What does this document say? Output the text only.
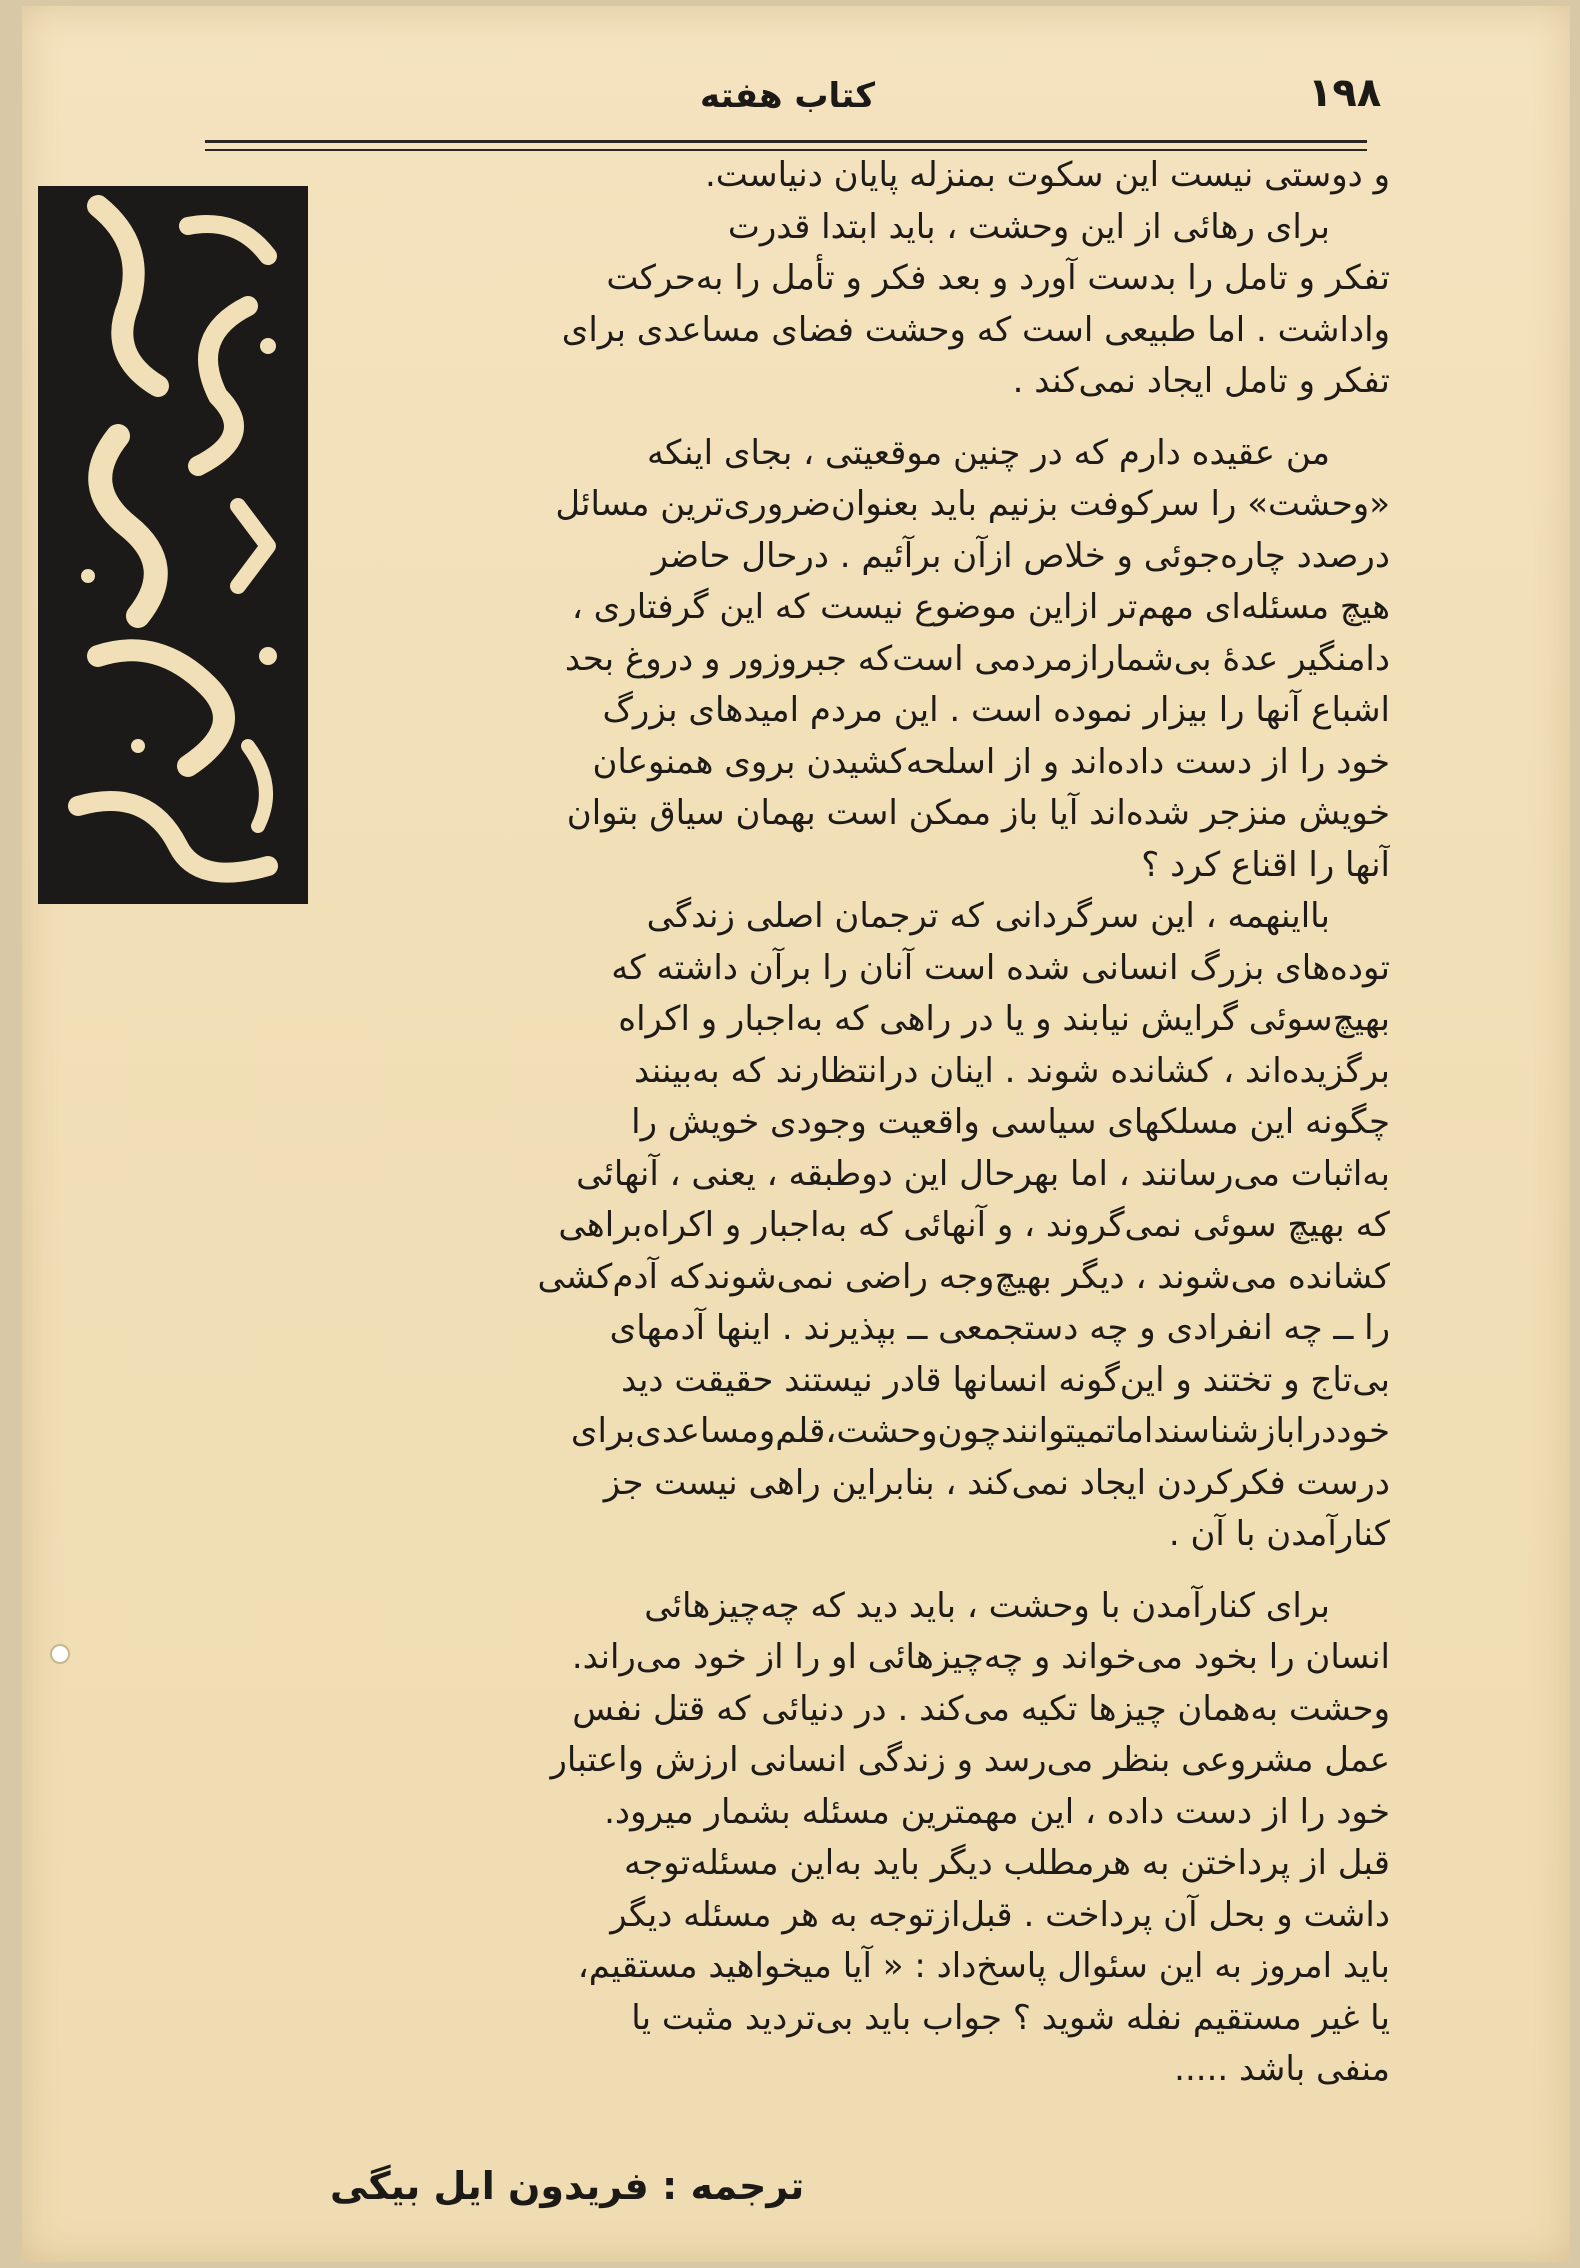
۱۹۸
کتاب هفته
و دوستی نیست این سکوت بمنزله پایان دنیاست.
برای رهائی از این وحشت ، باید ابتدا قدرت
تفکر و تامل را بدست آورد و بعد فکر و تأمل را به‌حرکت
واداشت . اما طبیعی است که وحشت فضای مساعدی برای
تفکر و تامل ایجاد نمی‌کند .
من عقیده دارم که در چنین موقعیتی ، بجای اینکه
«وحشت» را سرکوفت بزنیم باید بعنوان‌ضروری‌ترین مسائل
درصدد چاره‌جوئی و خلاص ازآن برآئیم . درحال حاضر
هیچ مسئله‌ای مهم‌تر ازاین موضوع نیست که این گرفتاری ،
دامنگیر عدهٔ بی‌شمارازمردمی است‌که جبروزور و دروغ بحد
اشباع آنها را بیزار نموده است . این مردم امیدهای بزرگ
خود را از دست داده‌اند و از اسلحه‌کشیدن بروی همنوعان
خویش منزجر شده‌اند آیا باز ممکن است بهمان سیاق بتوان
آنها را اقناع کرد ؟
بااینهمه ، این سرگردانی که ترجمان اصلی زندگی
توده‌های بزرگ انسانی شده است آنان را برآن داشته که
بهیچ‌سوئی گرایش نیابند و یا در راهی که به‌اجبار و اکراه
برگزیده‌اند ، کشانده شوند . اینان درانتظارند که به‌بینند
چگونه این مسلکهای سیاسی واقعیت وجودی خویش را
به‌اثبات می‌رسانند ، اما بهرحال این دوطبقه ، یعنی ، آنهائی
که بهیچ سوئی نمی‌گروند ، و آنهائی که به‌اجبار و اکراه‌براهی
کشانده می‌شوند ، دیگر بهیچ‌وجه راضی نمی‌شوندکه آدم‌کشی
را ــ چه انفرادی و چه دستجمعی ــ بپذیرند . اینها آدمهای
بی‌تاج و تختند و این‌گونه انسانها قادر نیستند حقیقت دید
خوددرابازشناسنداماتمیتوانندچون‌وحشت،قلم‌ومساعدی‌برای
درست فکرکردن ایجاد نمی‌کند ، بنابراین راهی نیست جز
کنارآمدن با آن .
برای کنارآمدن با وحشت ، باید دید که چه‌چیزهائی
انسان را بخود می‌خواند و چه‌چیزهائی او را از خود می‌راند.
وحشت به‌همان چیزها تکیه می‌کند . در دنیائی که قتل نفس
عمل مشروعی بنظر می‌رسد و زندگی انسانی ارزش واعتبار
خود را از دست داده ، این مهمترین مسئله بشمار میرود.
قبل از پرداختن به هرمطلب دیگر باید به‌این مسئله‌توجه
داشت و بحل آن پرداخت . قبل‌ازتوجه به هر مسئله دیگر
باید امروز به این سئوال پاسخ‌داد : « آیا میخواهید مستقیم،
یا غیر مستقیم نفله شوید ؟ جواب باید بی‌تردید مثبت یا
منفی باشد .....
ترجمه : فریدون ایل بیگی
